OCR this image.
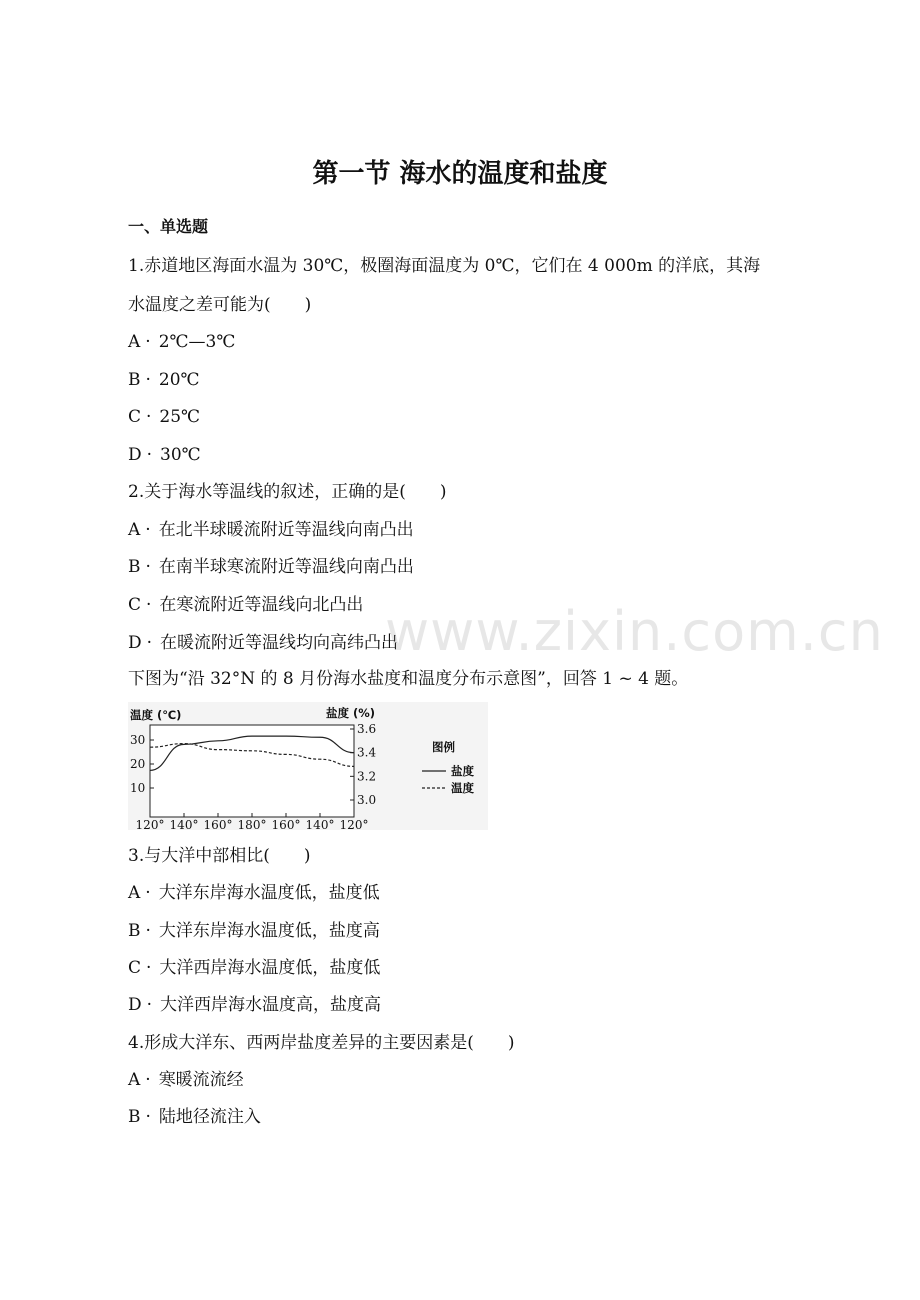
第一节 海水的温度和盐度
一、单选题
1.赤道地区海面水温为 30℃，极圈海面温度为 0℃，它们在 4 000m 的洋底，其海
水温度之差可能为(　　)
A · 2℃—3℃
B · 20℃
C · 25℃
D · 30℃
2.关于海水等温线的叙述，正确的是(　　)
A · 在北半球暖流附近等温线向南凸出
B · 在南半球寒流附近等温线向南凸出
C · 在寒流附近等温线向北凸出
D · 在暖流附近等温线均向高纬凸出
www.zixin.com.cn
下图为“沿 32°N 的 8 月份海水盐度和温度分布示意图”，回答 1 ~ 4 题。
温度 (℃)	盐度 (%)
图例
盐度
温度
30
20
10
3.6
3.4
3.2
3.0
120° 140° 160° 180° 160° 140° 120°
3.与大洋中部相比(　　)
A · 大洋东岸海水温度低，盐度低
B · 大洋东岸海水温度低，盐度高
C · 大洋西岸海水温度低，盐度低
D · 大洋西岸海水温度高，盐度高
4.形成大洋东、西两岸盐度差异的主要因素是(　　)
A · 寒暖流流经
B · 陆地径流注入
